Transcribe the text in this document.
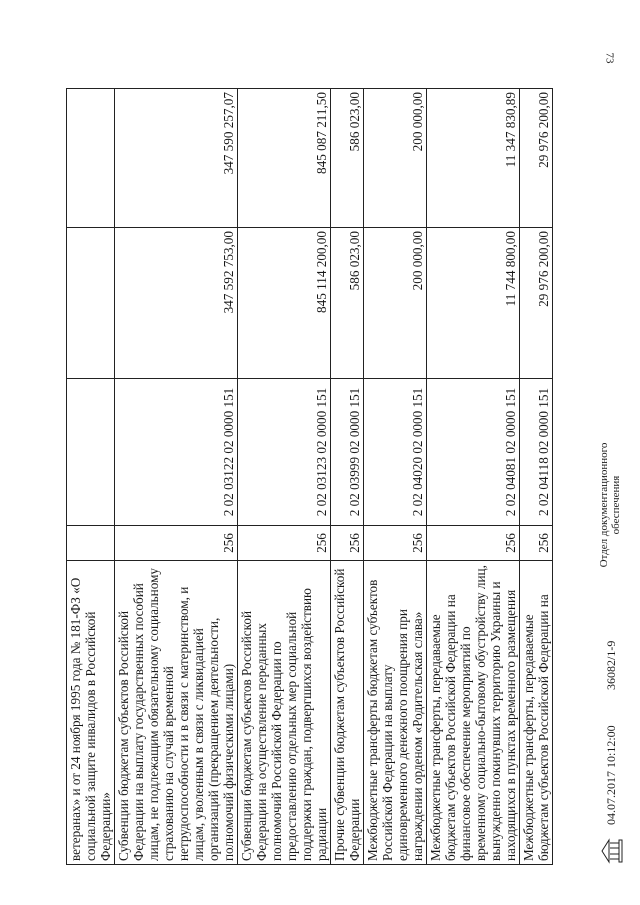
73
ветеранах» и от 24 ноября 1995 года № 181-ФЗ «О социальной защите инвалидов в Российской Федерации»				
Субвенции бюджетам субъектов Российской Федерации на выплату государственных пособий лицам, не подлежащим обязательному социальному страхованию на случай временной нетрудоспособности и в связи с материнством, и лицам, уволенным в связи с ликвидацией организаций (прекращением деятельности, полномочий физическими лицами)	256	2 02 03122 02 0000 151	347 592 753,00	347 590 257,07
Субвенции бюджетам субъектов Российской Федерации на осуществление переданных полномочий Российской Федерации по предоставлению отдельных мер социальной поддержки граждан, подвергшихся воздействию радиации	256	2 02 03123 02 0000 151	845 114 200,00	845 087 211,50
Прочие субвенции бюджетам субъектов Российской Федерации	256	2 02 03999 02 0000 151	586 023,00	586 023,00
Межбюджетные трансферты бюджетам субъектов Российской Федерации на выплату единовременного денежного поощрения при награждении орденом «Родительская слава»	256	2 02 04020 02 0000 151	200 000,00	200 000,00
Межбюджетные трансферты, передаваемые бюджетам субъектов Российской Федерации на финансовое обеспечение мероприятий по временному социально-бытовому обустройству лиц, вынужденно покинувших территорию Украины и находящихся в пунктах временного размещения	256	2 02 04081 02 0000 151	11 744 800,00	11 347 830,89
Межбюджетные трансферты, передаваемые бюджетам субъектов Российской Федерации на	256	2 02 04118 02 0000 151	29 976 200,00	29 976 200,00
04.07.2017 10:12:00
36082/1-9
Отдел документационного обеспечения
